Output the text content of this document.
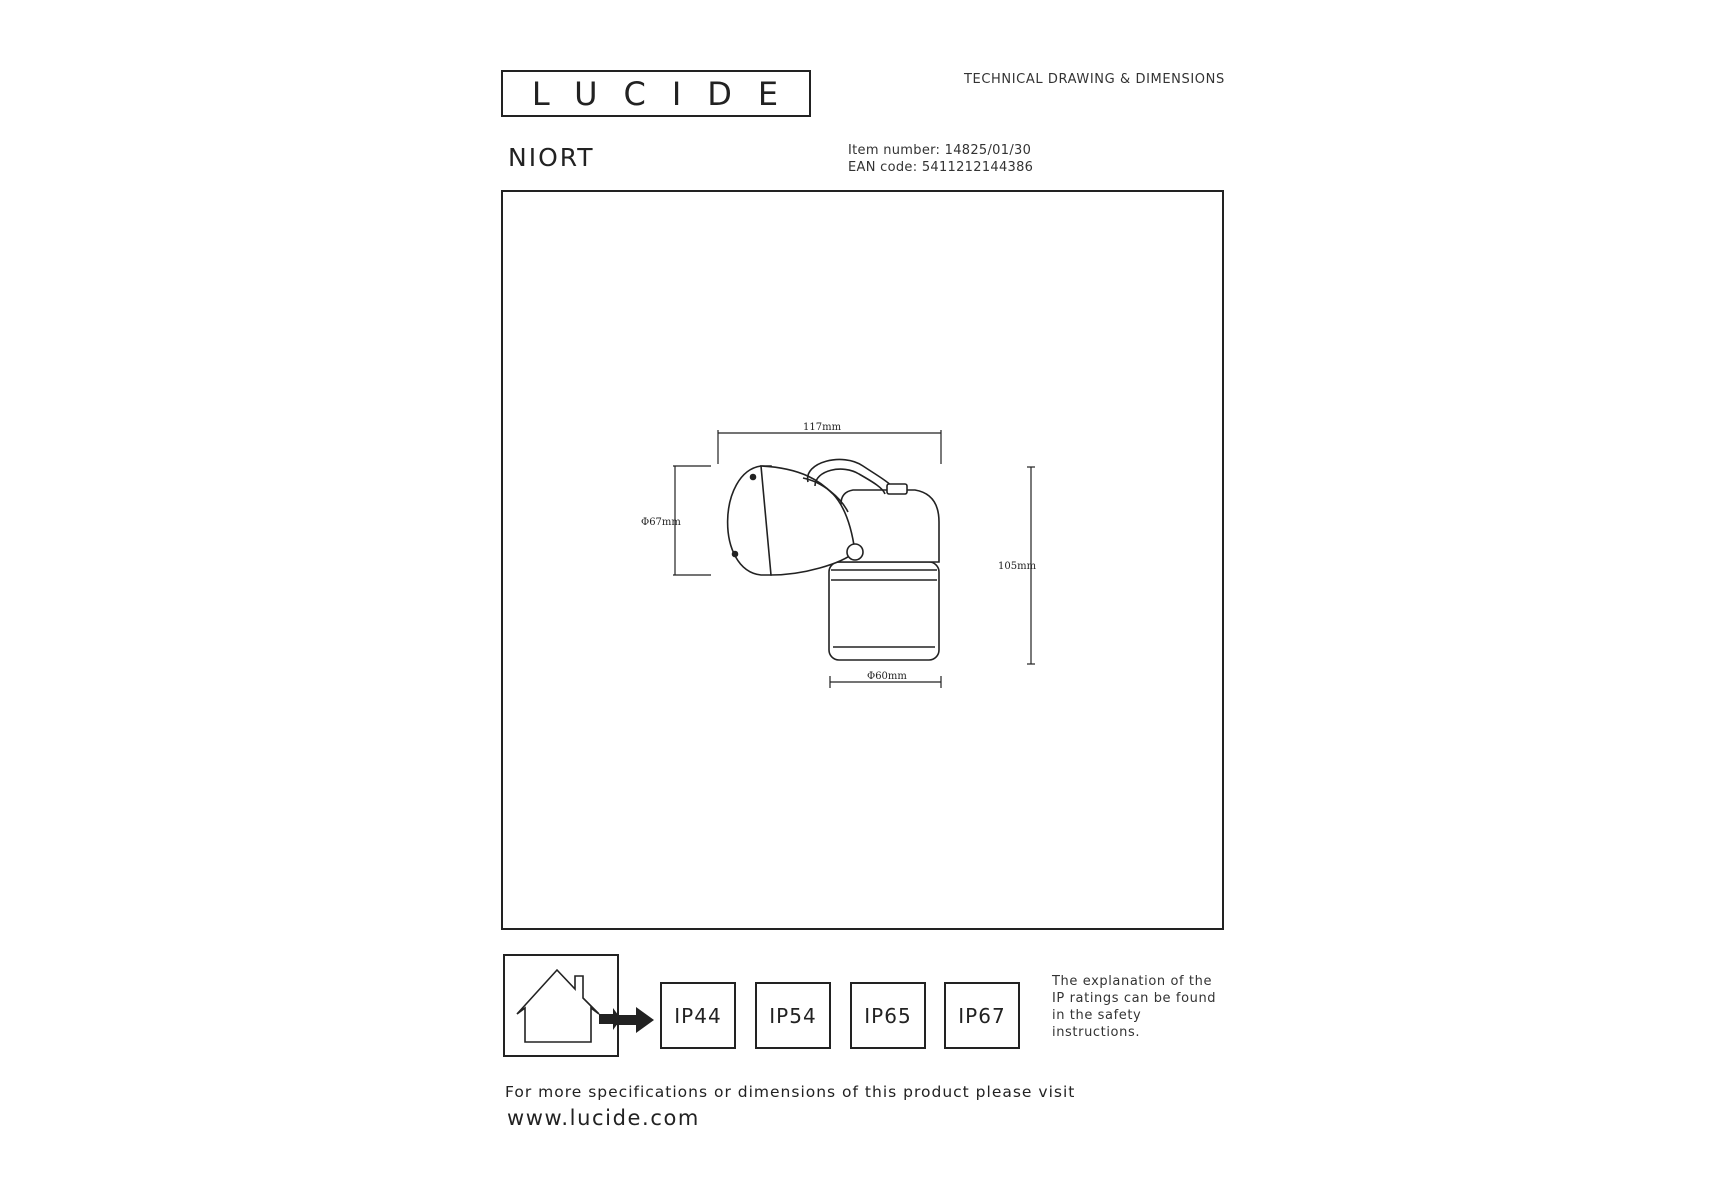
LUCIDE	TECHNICAL DRAWING & DIMENSIONS
NIORT	Item number: 14825/01/30
EAN code: 5411212144386
117mm
Φ67mm
105mm
Φ60mm
IP44	IP54	IP65	IP67
The explanation of the IP ratings can be found in the safety instructions.
For more specifications or dimensions of this product please visit
www.lucide.com
